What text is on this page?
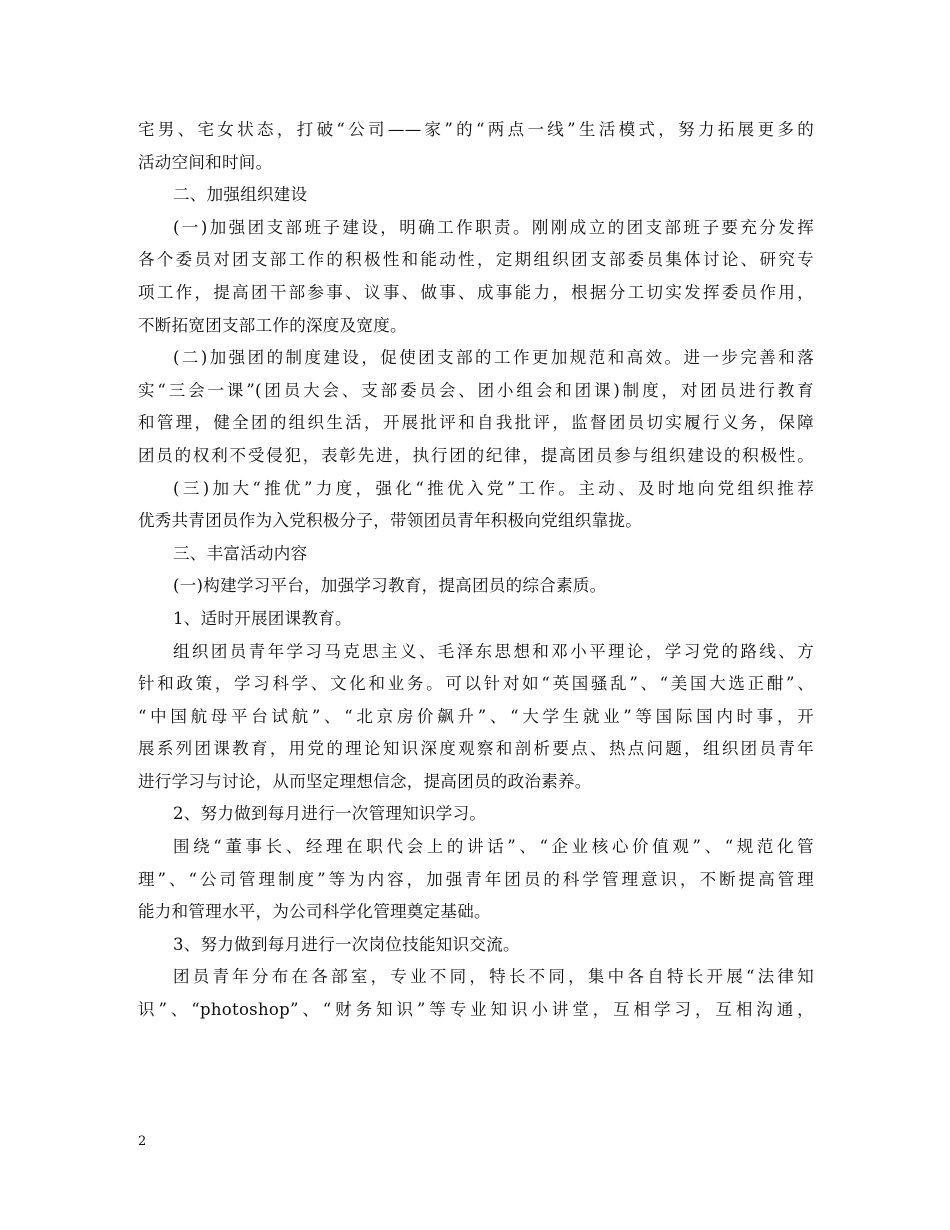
宅男、宅女状态，打破“公司——家”的“两点一线”生活模式，努力拓展更多的
活动空间和时间。
二、加强组织建设
(一)加强团支部班子建设，明确工作职责。刚刚成立的团支部班子要充分发挥
各个委员对团支部工作的积极性和能动性，定期组织团支部委员集体讨论、研究专
项工作，提高团干部参事、议事、做事、成事能力，根据分工切实发挥委员作用，
不断拓宽团支部工作的深度及宽度。
(二)加强团的制度建设，促使团支部的工作更加规范和高效。进一步完善和落
实“三会一课”(团员大会、支部委员会、团小组会和团课)制度，对团员进行教育
和管理，健全团的组织生活，开展批评和自我批评，监督团员切实履行义务，保障
团员的权利不受侵犯，表彰先进，执行团的纪律，提高团员参与组织建设的积极性。
(三)加大“推优”力度，强化“推优入党”工作。主动、及时地向党组织推荐
优秀共青团员作为入党积极分子，带领团员青年积极向党组织靠拢。
三、丰富活动内容
(一)构建学习平台，加强学习教育，提高团员的综合素质。
1、适时开展团课教育。
组织团员青年学习马克思主义、毛泽东思想和邓小平理论，学习党的路线、方
针和政策，学习科学、文化和业务。可以针对如“英国骚乱”、“美国大选正酣”、
“中国航母平台试航”、“北京房价飙升”、“大学生就业”等国际国内时事，开
展系列团课教育，用党的理论知识深度观察和剖析要点、热点问题，组织团员青年
进行学习与讨论，从而坚定理想信念，提高团员的政治素养。
2、努力做到每月进行一次管理知识学习。
围绕“董事长、经理在职代会上的讲话”、“企业核心价值观”、“规范化管
理”、“公司管理制度”等为内容，加强青年团员的科学管理意识，不断提高管理
能力和管理水平，为公司科学化管理奠定基础。
3、努力做到每月进行一次岗位技能知识交流。
团员青年分布在各部室，专业不同，特长不同，集中各自特长开展“法律知
识”、“photoshop”、“财务知识”等专业知识小讲堂，互相学习，互相沟通，
2
